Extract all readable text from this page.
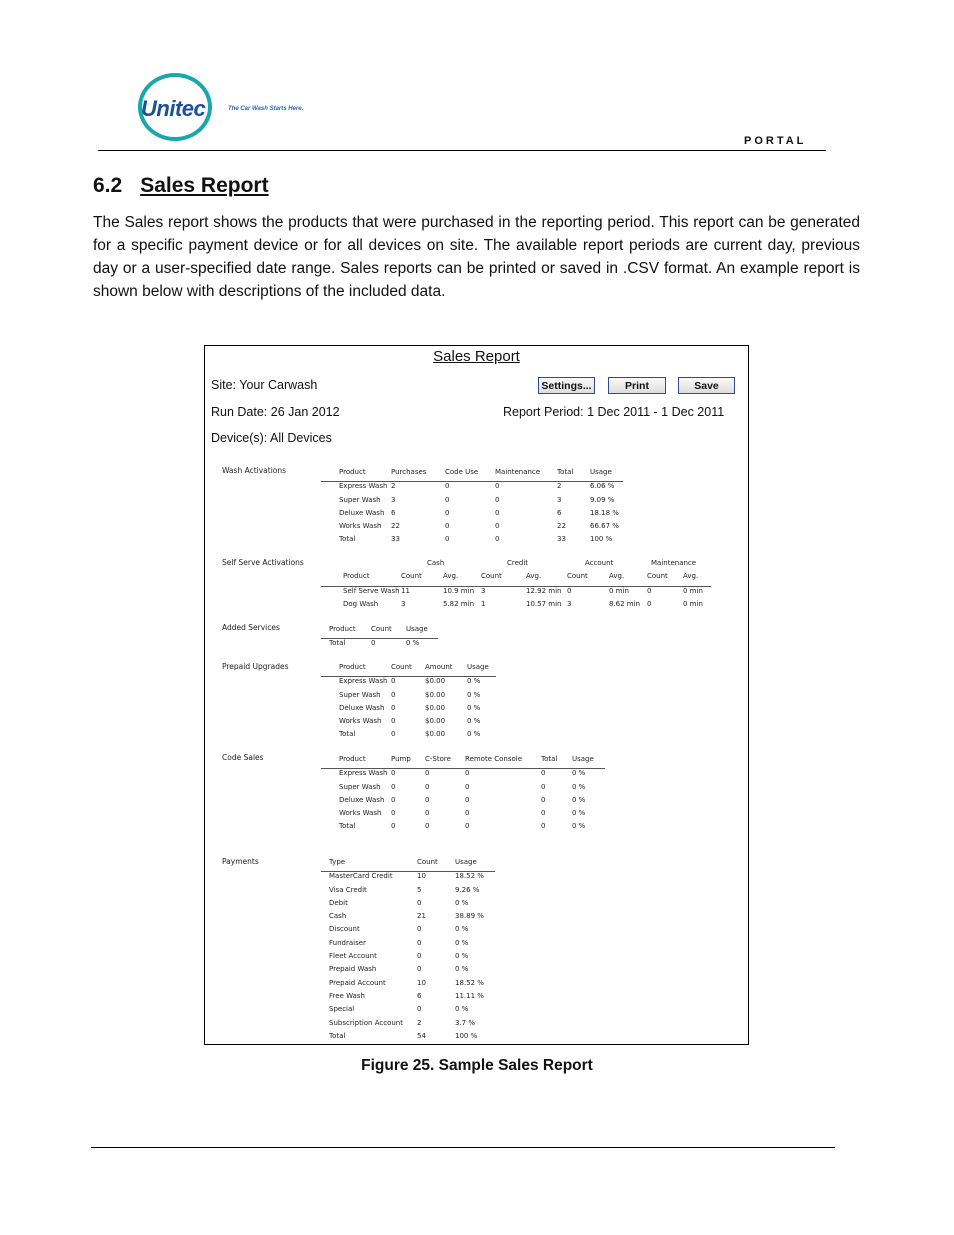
Unitec	The Car Wash Starts Here.
PORTAL
6.2 Sales Report
The Sales report shows the products that were purchased in the reporting period. This report can be generated for a specific payment device or for all devices on site. The available report periods are current day, previous day or a user-specified date range. Sales reports can be printed or saved in .CSV format. An example report is shown below with descriptions of the included data.
Sales Report
Site: Your Carwash	Settings...	Print	Save
Run Date: 26 Jan 2012	Report Period: 1 Dec 2011 - 1 Dec 2011
Device(s): All Devices
Wash Activations	Product	Purchases	Code Use Maintenance Total Usage
Express Wash 2	0	0	2	6.06 %
Super Wash 3	0	0	3	9.09 %
Deluxe Wash 6	0	0	6	18.18 %
Works Wash 22	0	0	22	66.67 %
Total	33	0	0	33	100 %
Self Serve Activations	Cash	Credit	Account	Maintenance
Product	Count	Avg.	Count	Avg.	Count	Avg.	Count Avg.
Self Serve Wash 11	10.9 min 3	12.92 min 0	0 min	0	0 min
Dog Wash	3	5.82 min 1	10.57 min 3	8.62 min 0	0 min
Added Services	Product Count Usage
Total	0	0 %
Prepaid Upgrades	Product	Count Amount Usage
Express Wash 0	$0.00	0 %
Super Wash 0	$0.00	0 %
Deluxe Wash 0	$0.00	0 %
Works Wash 0	$0.00	0 %
Total	0	$0.00	0 %
Code Sales	Product	Pump C-Store Remote Console	Total Usage
Express Wash 0	0	0	0	0 %
Super Wash 0	0	0	0	0 %
Deluxe Wash 0	0	0	0	0 %
Works Wash 0	0	0	0	0 %
Total	0	0	0	0	0 %
Payments	Type	Count Usage
MasterCard Credit	10	18.52 %
Visa Credit	5	9.26 %
Debit	0	0 %
Cash	21	38.89 %
Discount	0	0 %
Fundraiser	0	0 %
Fleet Account	0	0 %
Prepaid Wash	0	0 %
Prepaid Account	10	18.52 %
Free Wash	6	11.11 %
Special	0	0 %
Subscription Account 2	3.7 %
Total	54	100 %
Figure 25. Sample Sales Report
